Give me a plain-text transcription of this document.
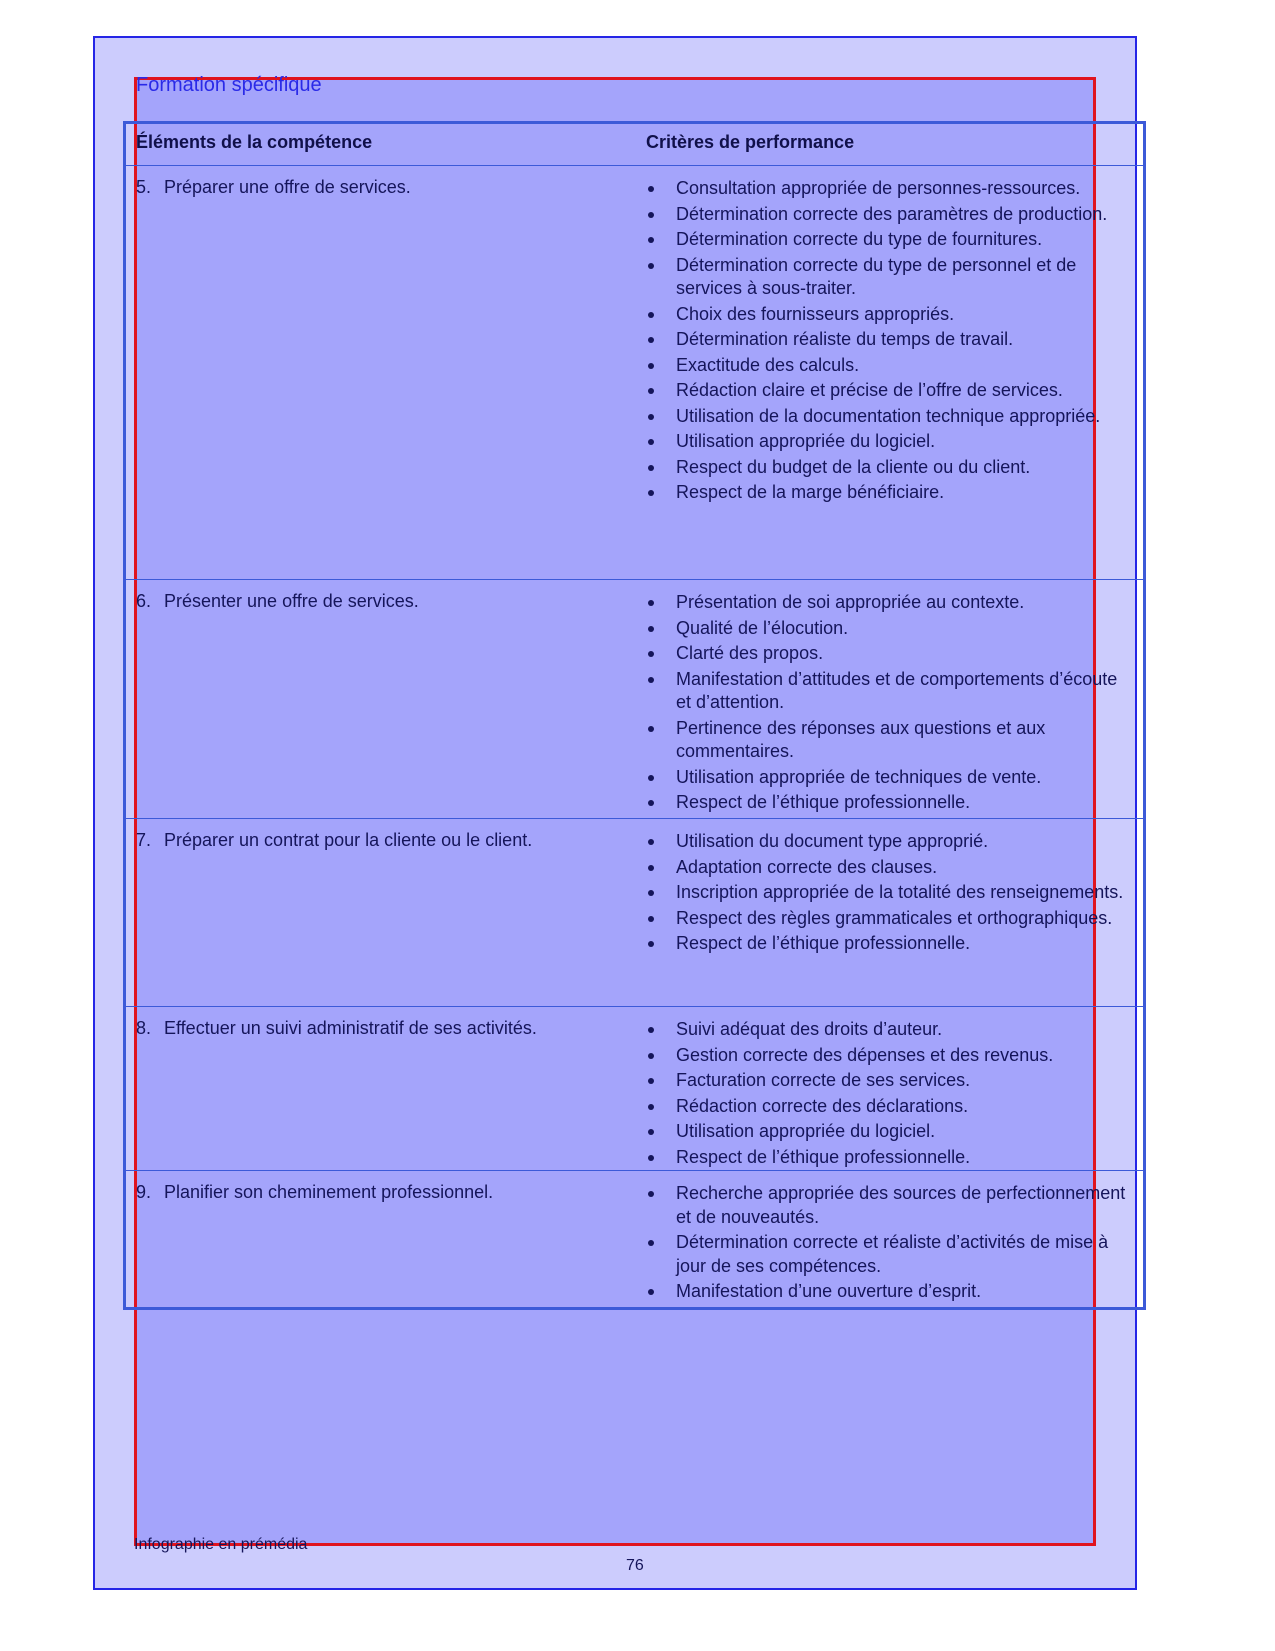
Formation spécifique
Éléments de la compétence	Critères de performance
5. Préparer une offre de services.	Consultation appropriée de personnes-ressources.
Détermination correcte des paramètres de production.
Détermination correcte du type de fournitures.
Détermination correcte du type de personnel et de services à sous-traiter.
Choix des fournisseurs appropriés.
Détermination réaliste du temps de travail.
Exactitude des calculs.
Rédaction claire et précise de l’offre de services.
Utilisation de la documentation technique appropriée.
Utilisation appropriée du logiciel.
Respect du budget de la cliente ou du client.
Respect de la marge bénéficiaire.
6. Présenter une offre de services.	Présentation de soi appropriée au contexte.
Qualité de l’élocution.
Clarté des propos.
Manifestation d’attitudes et de comportements d’écoute et d’attention.
Pertinence des réponses aux questions et aux commentaires.
Utilisation appropriée de techniques de vente.
Respect de l’éthique professionnelle.
7. Préparer un contrat pour la cliente ou le client.	Utilisation du document type approprié.
Adaptation correcte des clauses.
Inscription appropriée de la totalité des renseignements.
Respect des règles grammaticales et orthographiques.
Respect de l’éthique professionnelle.
8. Effectuer un suivi administratif de ses activités.	Suivi adéquat des droits d’auteur.
Gestion correcte des dépenses et des revenus.
Facturation correcte de ses services.
Rédaction correcte des déclarations.
Utilisation appropriée du logiciel.
Respect de l’éthique professionnelle.
9. Planifier son cheminement professionnel.	Recherche appropriée des sources de perfectionnement et de nouveautés.
Détermination correcte et réaliste d’activités de mise à jour de ses compétences.
Manifestation d’une ouverture d’esprit.
Infographie en prémédia
76
